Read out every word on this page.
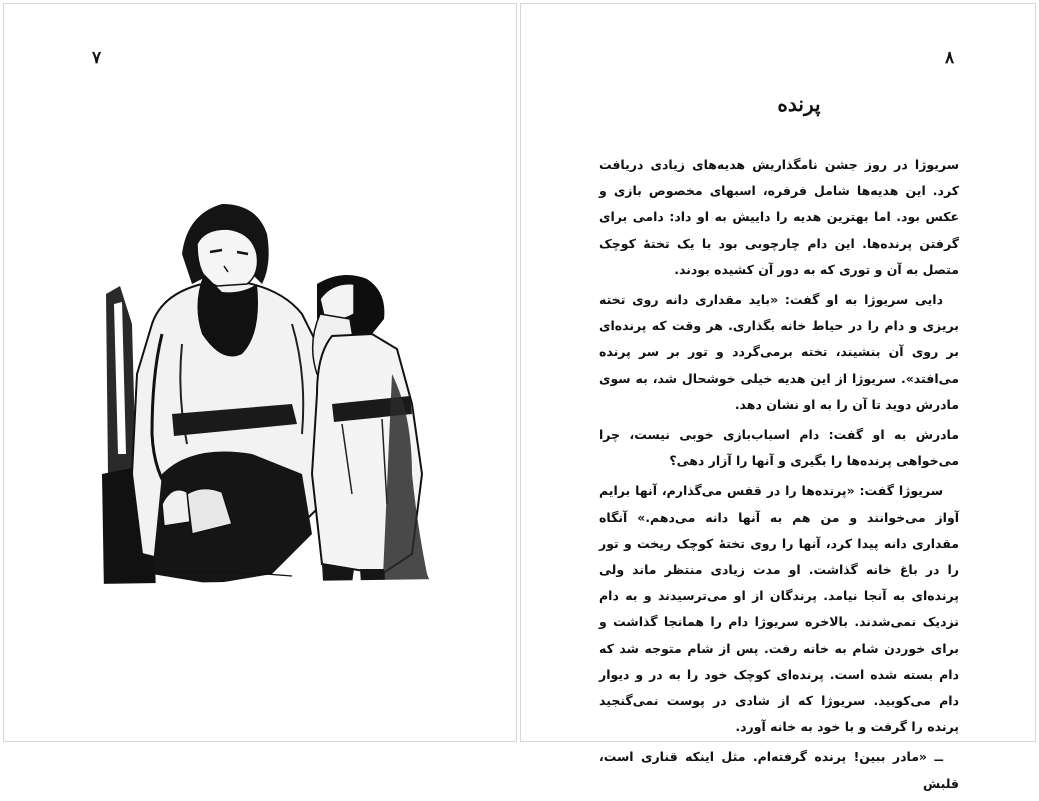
۷	۸
پرنده

سریوژا در روز جشن نامگذاریش هدیه‌های زیادی دریافت کرد. این هدیه‌ها شامل فرفره، اسبهای مخصوص بازی و عکس بود. اما بهترین هدیه را داییش به او داد: دامی برای گرفتن پرنده‌ها. این دام چارچوبی بود با یک تختهٔ کوچک متصل به آن و توری که به دور آن کشیده بودند.

دایی سریوژا به او گفت: «باید مقداری دانه روی تخته بریزی و دام را در حیاط خانه بگذاری. هر وقت که پرنده‌ای بر روی آن بنشیند، تخته برمی‌گردد و تور بر سر پرنده می‌افتد». سریوژا از این هدیه خیلی خوشحال شد، به سوی مادرش دوید تا آن را به او نشان دهد.

مادرش به او گفت: دام اسباب‌بازی خوبی نیست، چرا می‌خواهی پرنده‌ها را بگیری و آنها را آزار دهی؟

سریوژا گفت: «پرنده‌ها را در قفس می‌گذارم، آنها برایم آواز می‌خوانند و من هم به آنها دانه می‌دهم.» آنگاه مقداری دانه پیدا کرد، آنها را روی تختهٔ کوچک ریخت و تور را در باغ خانه گذاشت. او مدت زیادی منتظر ماند ولی پرنده‌ای به آنجا نیامد. پرندگان از او می‌ترسیدند و به دام نزدیک نمی‌شدند. بالاخره سریوژا دام را همانجا گذاشت و برای خوردن شام به خانه رفت. پس از شام متوجه شد که دام بسته شده است. پرنده‌ای کوچک خود را به در و دیوار دام می‌کوبید. سریوژا که از شادی در پوست نمی‌گنجید پرنده را گرفت و با خود به خانه آورد.

ــ «مادر ببین! پرنده گرفته‌ام. مثل اینکه قناری است، قلبش
